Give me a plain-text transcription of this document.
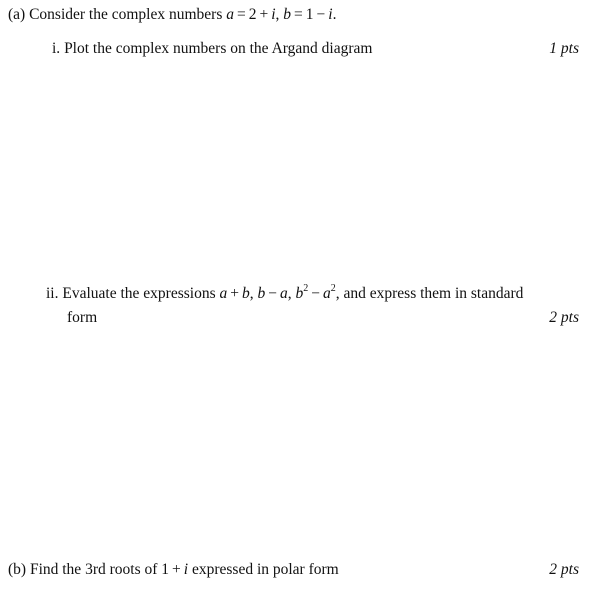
(a) Consider the complex numbers a = 2 + i, b = 1 − i.
i. Plot the complex numbers on the Argand diagram	1 pts
ii. Evaluate the expressions a + b, b − a, $b^2 - a^2$, and express them in standard
form	2 pts
(b) Find the 3rd roots of 1 + i expressed in polar form	2 pts
